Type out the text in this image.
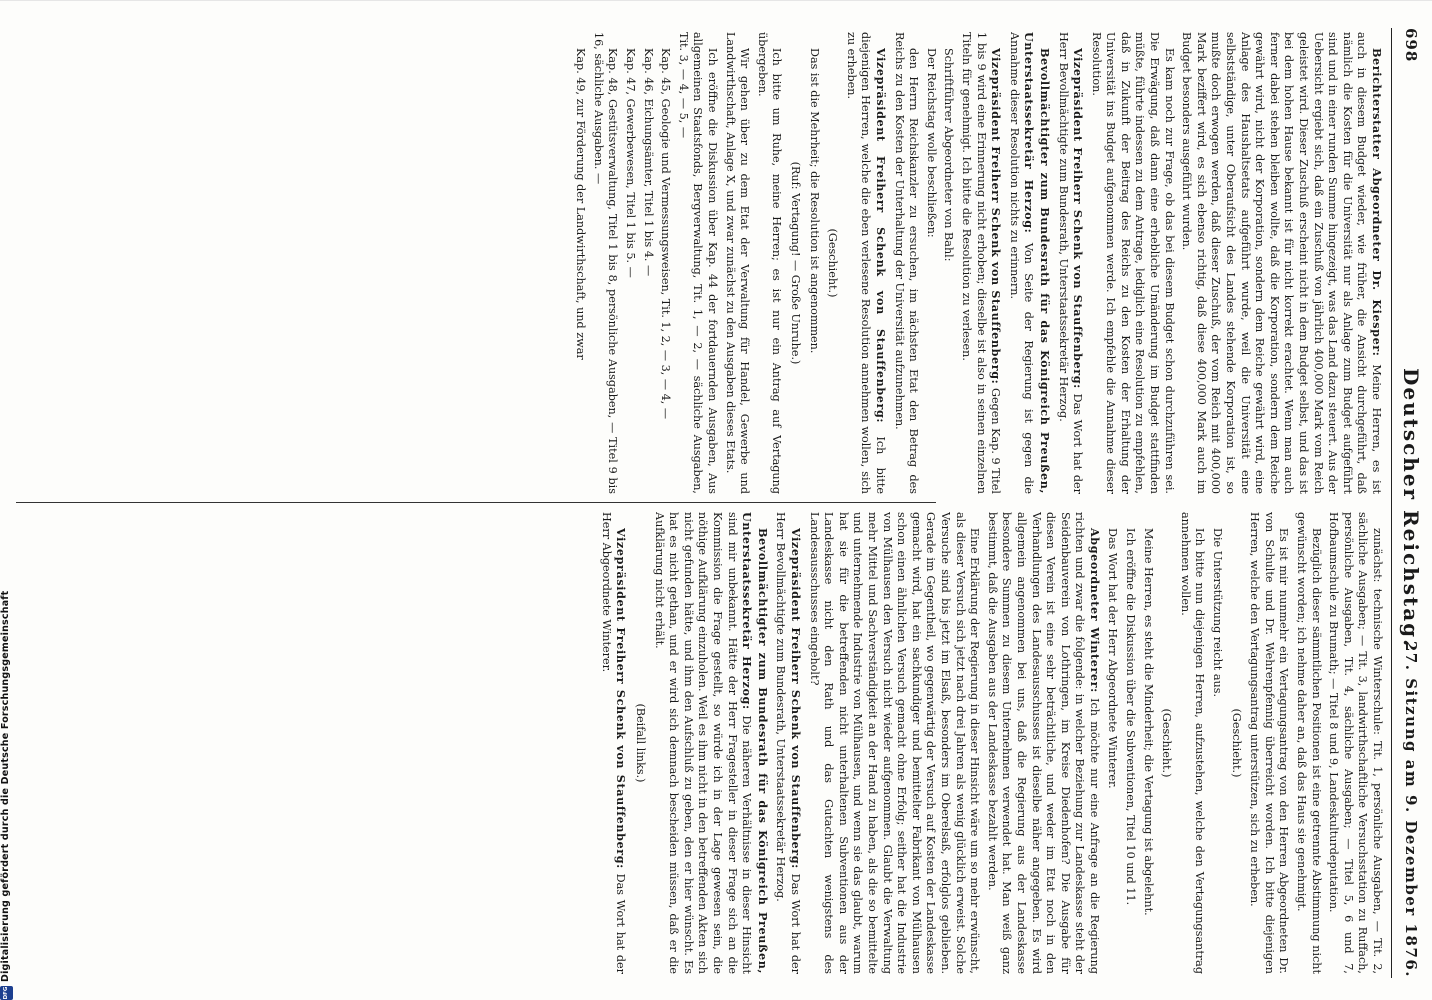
698
Deutscher Reichstag.
27. Sitzung am 9. Dezember 1876.

Berichterstatter Abgeordneter Dr. Kiesper: Meine Herren, es ist auch in diesem Budget wieder, wie früher, die Ansicht durchgeführt, daß nämlich die Kosten für die Universität nur als Anlage zum Budget aufgeführt sind und in einer runden Summe hingezeigt, was das Land dazu steuert. Aus der Uebersicht ergiebt sich, daß ein Zuschuß von jährlich 400,000 Mark vom Reich geleistet wird. Dieser Zuschuß erscheint nicht in dem Budget selbst, und das ist bei dem hohen Hause bekannt ist für nicht korrekt erachtet. Wenn man auch ferner dabei stehen bleiben wollte, daß die Korporation, sondern dem Reiche gewährt wird, nicht der Korporation, sondern dem Reiche gewährt wird, eine Anlage des Haushaltsetats aufgeführt wurde, weil die Universität eine selbstständige, unter Oberaufsicht des Landes stehende Korporation ist, so mußte doch erwogen werden, daß dieser Zuschuß, der vom Reich mit 400,000 Mark beziffert wird, es sich ebenso richtig, daß diese 400,000 Mark auch im Budget besonders ausgeführt wurden.

Es kam noch zur Frage, ob das bei diesem Budget schon durchzuführen sei. Die Erwägung, daß dann eine erhebliche Umänderung im Budget stattfinden müßte, führte indessen zu dem Antrage, lediglich eine Resolution zu empfehlen, daß in Zukunft der Beitrag des Reichs zu den Kosten der Erhaltung der Universität ins Budget aufgenommen werde. Ich empfehle die Annahme dieser Resolution.

Vizepräsident Freiherr Schenk von Stauffenberg: Das Wort hat der Herr Bevollmächtigte zum Bundesrath, Unterstaatssekretär Herzog.

Bevollmächtigter zum Bundesrath für das Königreich Preußen, Unterstaatssekretär Herzog: Von Seite der Regierung ist gegen die Annahme dieser Resolution nichts zu erinnern.

Vizepräsident Freiherr Schenk von Stauffenberg: Gegen Kap. 9 Titel 1 bis 9 wird eine Erinnerung nicht erhoben; dieselbe ist also in seinen einzelnen Titeln für genehmigt. Ich bitte die Resolution zu verlesen.

Schriftführer Abgeordneter von Bahl:

Der Reichstag wolle beschließen:

den Herrn Reichskanzler zu ersuchen, im nächsten Etat den Betrag des Reichs zu den Kosten der Unterhaltung der Universität aufzunehmen.

Vizepräsident Freiherr Schenk von Stauffenberg: Ich bitte diejenigen Herren, welche die eben verlesene Resolution annehmen wollen, sich zu erheben.

(Geschieht.)

Das ist die Mehrheit; die Resolution ist angenommen.

(Ruf: Vertagung! — Große Unruhe.)

Ich bitte um Ruhe, meine Herren; es ist nur ein Antrag auf Vertagung übergeben.

Wir gehen über zu dem Etat der Verwaltung für Handel, Gewerbe und Landwirthschaft, Anlage X, und zwar zunächst zu den Ausgaben dieses Etats.

Ich eröffne die Diskussion über Kap. 44 der fortdauernden Ausgaben, Aus allgemeinen Staatsfonds, Bergverwaltung, Tit. 1, — 2, — sächliche Ausgaben, Tit. 3, — 4, — 5, —

Kap. 45, Geologie und Vermessungsweisen, Tit. 1, 2, — 3, — 4, —

Kap. 46, Eichungsämter, Titel 1 bis 4. —

Kap. 47, Gewerbewesen, Titel 1 bis 5. —

Kap. 48, Gestütsverwaltung, Titel 1 bis 8, persönliche Ausgaben, — Titel 9 bis 16, sächliche Ausgaben. —

Kap. 49, zur Förderung der Landwirthschaft, und zwar

zunächst: technische Winterschule: Tit. 1, persönliche Ausgaben, — Tit. 2, sächliche Ausgaben; — Tit. 3, landwirthschaftliche Versuchsstation zu Ruffach, persönliche Ausgaben, Tit. 4, sächliche Ausgaben; — Titel 5, 6 und 7, Hofbaumschule zu Brumath; — Titel 8 und 9, Landeskulturdeputation.

Bezüglich dieser sämmtlichen Positionen ist eine getrennte Abstimmung nicht gewünscht worden; ich nehme daher an, daß das Haus sie genehmigt.

Es ist mir nunmehr ein Vertagungsantrag von den Herren Abgeordneten Dr. von Schulte und Dr. Wehrenpfennig überreicht worden. Ich bitte diejenigen Herren, welche den Vertagungsantrag unterstützen, sich zu erheben.

(Geschieht.)

Die Unterstützung reicht aus.

Ich bitte nun diejenigen Herren, aufzustehen, welche den Vertagungsantrag annehmen wollen.

(Geschieht.)

Meine Herren, es steht die Minderheit; die Vertagung ist abgelehnt.

Ich eröffne die Diskussion über die Subventionen, Titel 10 und 11.

Das Wort hat der Herr Abgeordnete Winterer.

Abgeordneter Winterer: Ich möchte nur eine Anfrage an die Regierung richten und zwar die folgende: in welcher Beziehung zur Landeskasse steht der Seidenbauverein von Lothringen, im Kreise Diedenhofen? Die Ausgabe für diesen Verein ist eine sehr beträchtliche, und weder im Etat noch in den Verhandlungen des Landesausschusses ist dieselbe näher angegeben. Es wird allgemein angenommen bei uns, daß die Regierung aus der Landeskasse besondere Summen zu diesem Unternehmen verwendet hat. Man weiß ganz bestimmt, daß die Ausgaben aus der Landeskasse bezahlt werden.

Eine Erklärung der Regierung in dieser Hinsicht wäre um so mehr erwünscht, als dieser Versuch sich jetzt nach drei Jahren als wenig glücklich erweist. Solche Versuche sind bis jetzt im Elsaß, besonders im Oberelsaß, erfolglos geblieben. Gerade im Gegentheil, wo gegenwärtig der Versuch auf Kosten der Landeskasse gemacht wird, hat ein sachkundiger und bemittelter Fabrikant von Mülhausen schon einen ähnlichen Versuch gemacht ohne Erfolg; seither hat die Industrie von Mülhausen den Versuch nicht wieder aufgenommen. Glaubt die Verwaltung mehr Mittel und Sachverständigkeit an der Hand zu haben, als die so bemittelte und unternehmende Industrie von Mülhausen, und wenn sie das glaubt, warum hat sie für die betreffenden nicht unterhaltenen Subventionen aus der Landeskasse nicht den Rath und das Gutachten wenigstens des Landesausschusses eingeholt?

Vizepräsident Freiherr Schenk von Stauffenberg: Das Wort hat der Herr Bevollmächtigte zum Bundesrath, Unterstaatssekretär Herzog.

Bevollmächtigter zum Bundesrath für das Königreich Preußen, Unterstaatssekretär Herzog: Die näheren Verhältnisse in dieser Hinsicht sind mir unbekannt. Hätte der Herr Fragesteller in dieser Frage sich an die Kommission die Frage gestellt, so würde ich in der Lage gewesen sein, die nöthige Aufklärung einzuholen. Weil es ihm nicht in den betreffenden Akten sich nicht gefunden hätte, und ihm den Aufschluß zu geben, den er hier wünscht. Es hat es nicht gethan, und er wird sich demnach bescheiden müssen, daß er die Aufklärung nicht erhält.

(Beifall links.)

Vizepräsident Freiherr Schenk von Stauffenberg: Das Wort hat der Herr Abgeordnete Winterer.

DFG
Digitalisierung gefördert durch die Deutsche Forschungsgemeinschaft
